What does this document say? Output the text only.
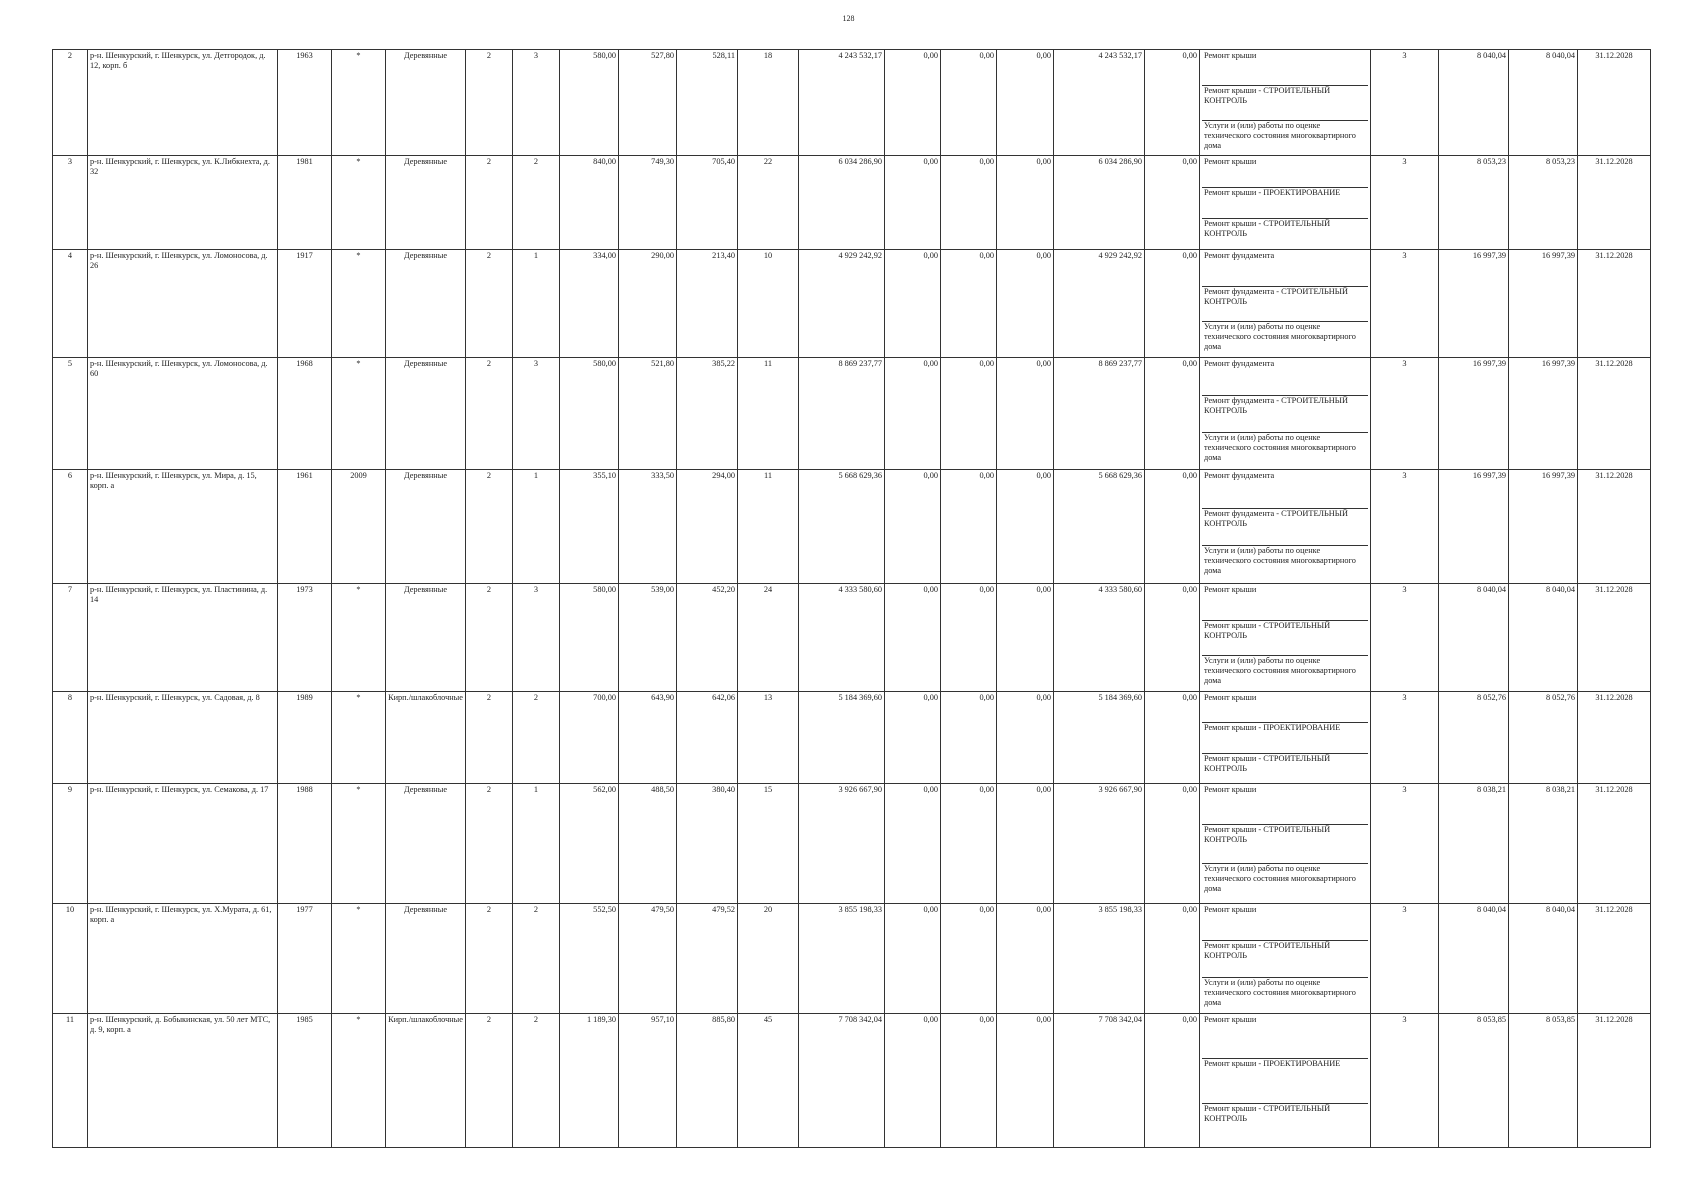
128
2	р-н. Шенкурский, г. Шенкурск, ул. Детгородок, д. 12, корп. б	1963	*	Деревянные	2	3	580,00	527,80	528,11	18	4 243 532,17	0,00	0,00	0,00	4 243 532,17	0,00	Ремонт крыши
Ремонт крыши - СТРОИТЕЛЬНЫЙ КОНТРОЛЬ
Услуги и (или) работы по оценке технического состояния многоквартирного дома	3	8 040,04	8 040,04	31.12.2028
3	р-н. Шенкурский, г. Шенкурск, ул. К.Либкнехта, д. 32	1981	*	Деревянные	2	2	840,00	749,30	705,40	22	6 034 286,90	0,00	0,00	0,00	6 034 286,90	0,00	Ремонт крыши
Ремонт крыши - ПРОЕКТИРОВАНИЕ
Ремонт крыши - СТРОИТЕЛЬНЫЙ КОНТРОЛЬ	3	8 053,23	8 053,23	31.12.2028
4	р-н. Шенкурский, г. Шенкурск, ул. Ломоносова, д. 26	1917	*	Деревянные	2	1	334,00	290,00	213,40	10	4 929 242,92	0,00	0,00	0,00	4 929 242,92	0,00	Ремонт фундамента
Ремонт фундамента - СТРОИТЕЛЬНЫЙ КОНТРОЛЬ
Услуги и (или) работы по оценке технического состояния многоквартирного дома	3	16 997,39	16 997,39	31.12.2028
5	р-н. Шенкурский, г. Шенкурск, ул. Ломоносова, д. 60	1968	*	Деревянные	2	3	580,00	521,80	385,22	11	8 869 237,77	0,00	0,00	0,00	8 869 237,77	0,00	Ремонт фундамента
Ремонт фундамента - СТРОИТЕЛЬНЫЙ КОНТРОЛЬ
Услуги и (или) работы по оценке технического состояния многоквартирного дома	3	16 997,39	16 997,39	31.12.2028
6	р-н. Шенкурский, г. Шенкурск, ул. Мира, д. 15, корп. а	1961	2009	Деревянные	2	1	355,10	333,50	294,00	11	5 668 629,36	0,00	0,00	0,00	5 668 629,36	0,00	Ремонт фундамента
Ремонт фундамента - СТРОИТЕЛЬНЫЙ КОНТРОЛЬ
Услуги и (или) работы по оценке технического состояния многоквартирного дома	3	16 997,39	16 997,39	31.12.2028
7	р-н. Шенкурский, г. Шенкурск, ул. Пластинина, д. 14	1973	*	Деревянные	2	3	580,00	539,00	452,20	24	4 333 580,60	0,00	0,00	0,00	4 333 580,60	0,00	Ремонт крыши
Ремонт крыши - СТРОИТЕЛЬНЫЙ КОНТРОЛЬ
Услуги и (или) работы по оценке технического состояния многоквартирного дома	3	8 040,04	8 040,04	31.12.2028
8	р-н. Шенкурский, г. Шенкурск, ул. Садовая, д. 8	1989	*	Кирп./шлакоблочные	2	2	700,00	643,90	642,06	13	5 184 369,60	0,00	0,00	0,00	5 184 369,60	0,00	Ремонт крыши
Ремонт крыши - ПРОЕКТИРОВАНИЕ
Ремонт крыши - СТРОИТЕЛЬНЫЙ КОНТРОЛЬ	3	8 052,76	8 052,76	31.12.2028
9	р-н. Шенкурский, г. Шенкурск, ул. Семакова, д. 17	1988	*	Деревянные	2	1	562,00	488,50	380,40	15	3 926 667,90	0,00	0,00	0,00	3 926 667,90	0,00	Ремонт крыши
Ремонт крыши - СТРОИТЕЛЬНЫЙ КОНТРОЛЬ
Услуги и (или) работы по оценке технического состояния многоквартирного дома	3	8 038,21	8 038,21	31.12.2028
10	р-н. Шенкурский, г. Шенкурск, ул. Х.Мурата, д. 61, корп. а	1977	*	Деревянные	2	2	552,50	479,50	479,52	20	3 855 198,33	0,00	0,00	0,00	3 855 198,33	0,00	Ремонт крыши
Ремонт крыши - СТРОИТЕЛЬНЫЙ КОНТРОЛЬ
Услуги и (или) работы по оценке технического состояния многоквартирного дома	3	8 040,04	8 040,04	31.12.2028
11	р-н. Шенкурский, д. Бобыкинская, ул. 50 лет МТС, д. 9, корп. а	1985	*	Кирп./шлакоблочные	2	2	1 189,30	957,10	885,80	45	7 708 342,04	0,00	0,00	0,00	7 708 342,04	0,00	Ремонт крыши
Ремонт крыши - ПРОЕКТИРОВАНИЕ
Ремонт крыши - СТРОИТЕЛЬНЫЙ КОНТРОЛЬ	3	8 053,85	8 053,85	31.12.2028
